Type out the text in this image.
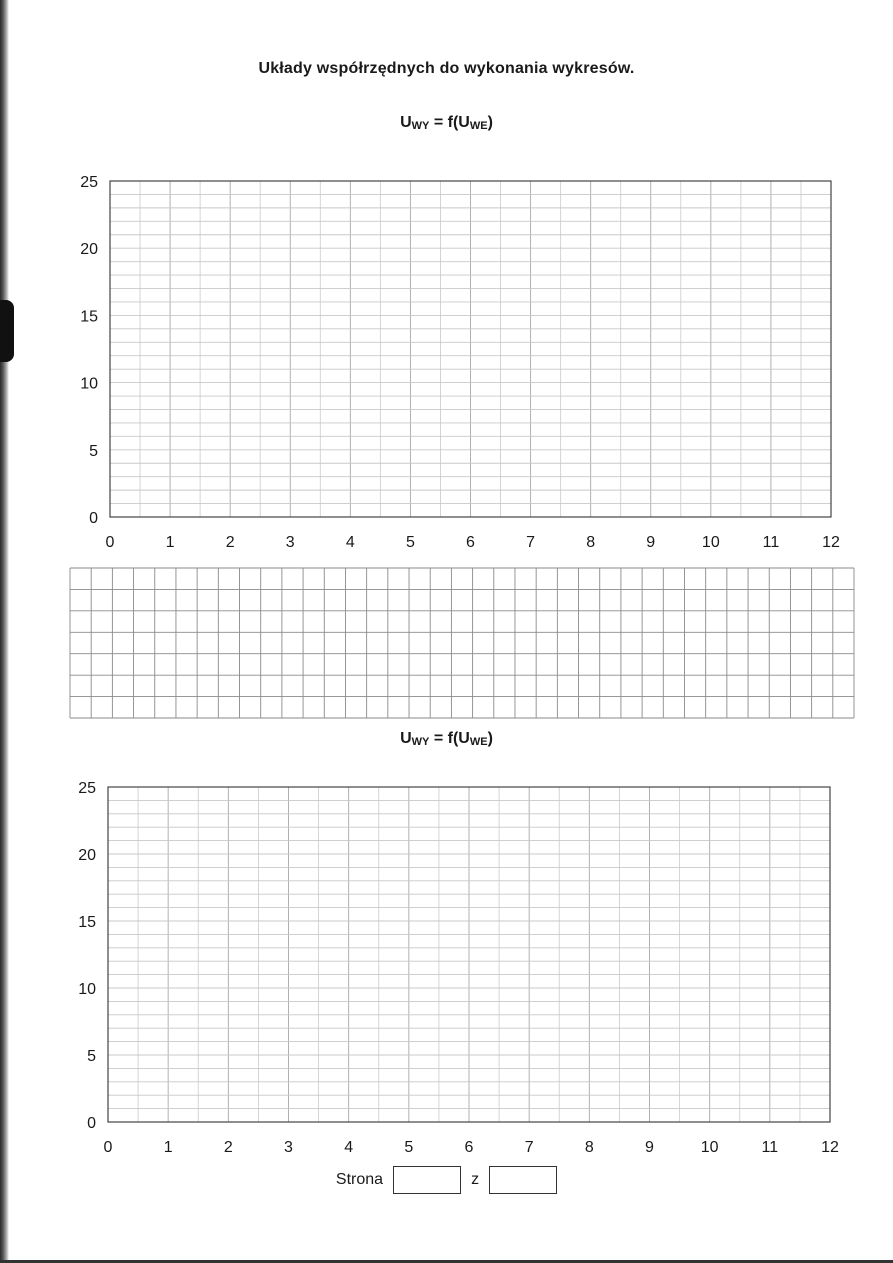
Układy współrzędnych do wykonania wykresów.
$U_{WY} = f(U_{WE})$
0	1	2	3	4	5	6	7	8	9	10	11	12
0
5
10
15
20
25
$U_{WY} = f(U_{WE})$
0	1	2	3	4	5	6	7	8	9	10	11	12
0
5
10
15
20
25
Strona	z
